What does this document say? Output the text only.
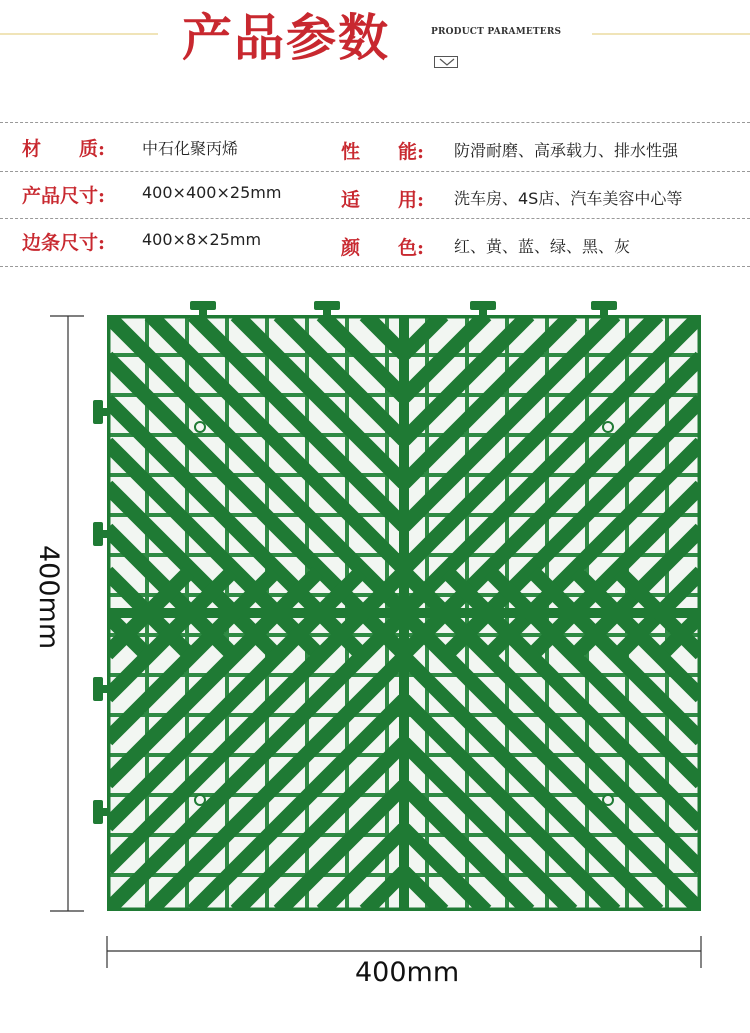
产品参数	PRODUCT PARAMETERS
材　　质: 中石化聚丙烯	性　　能: 防滑耐磨、高承载力、排水性强
产品尺寸: 400×400×25mm	适　　用: 洗车房、4S店、汽车美容中心等
边条尺寸: 400×8×25mm	颜　　色: 红、黄、蓝、绿、黑、灰
400mm
400mm
